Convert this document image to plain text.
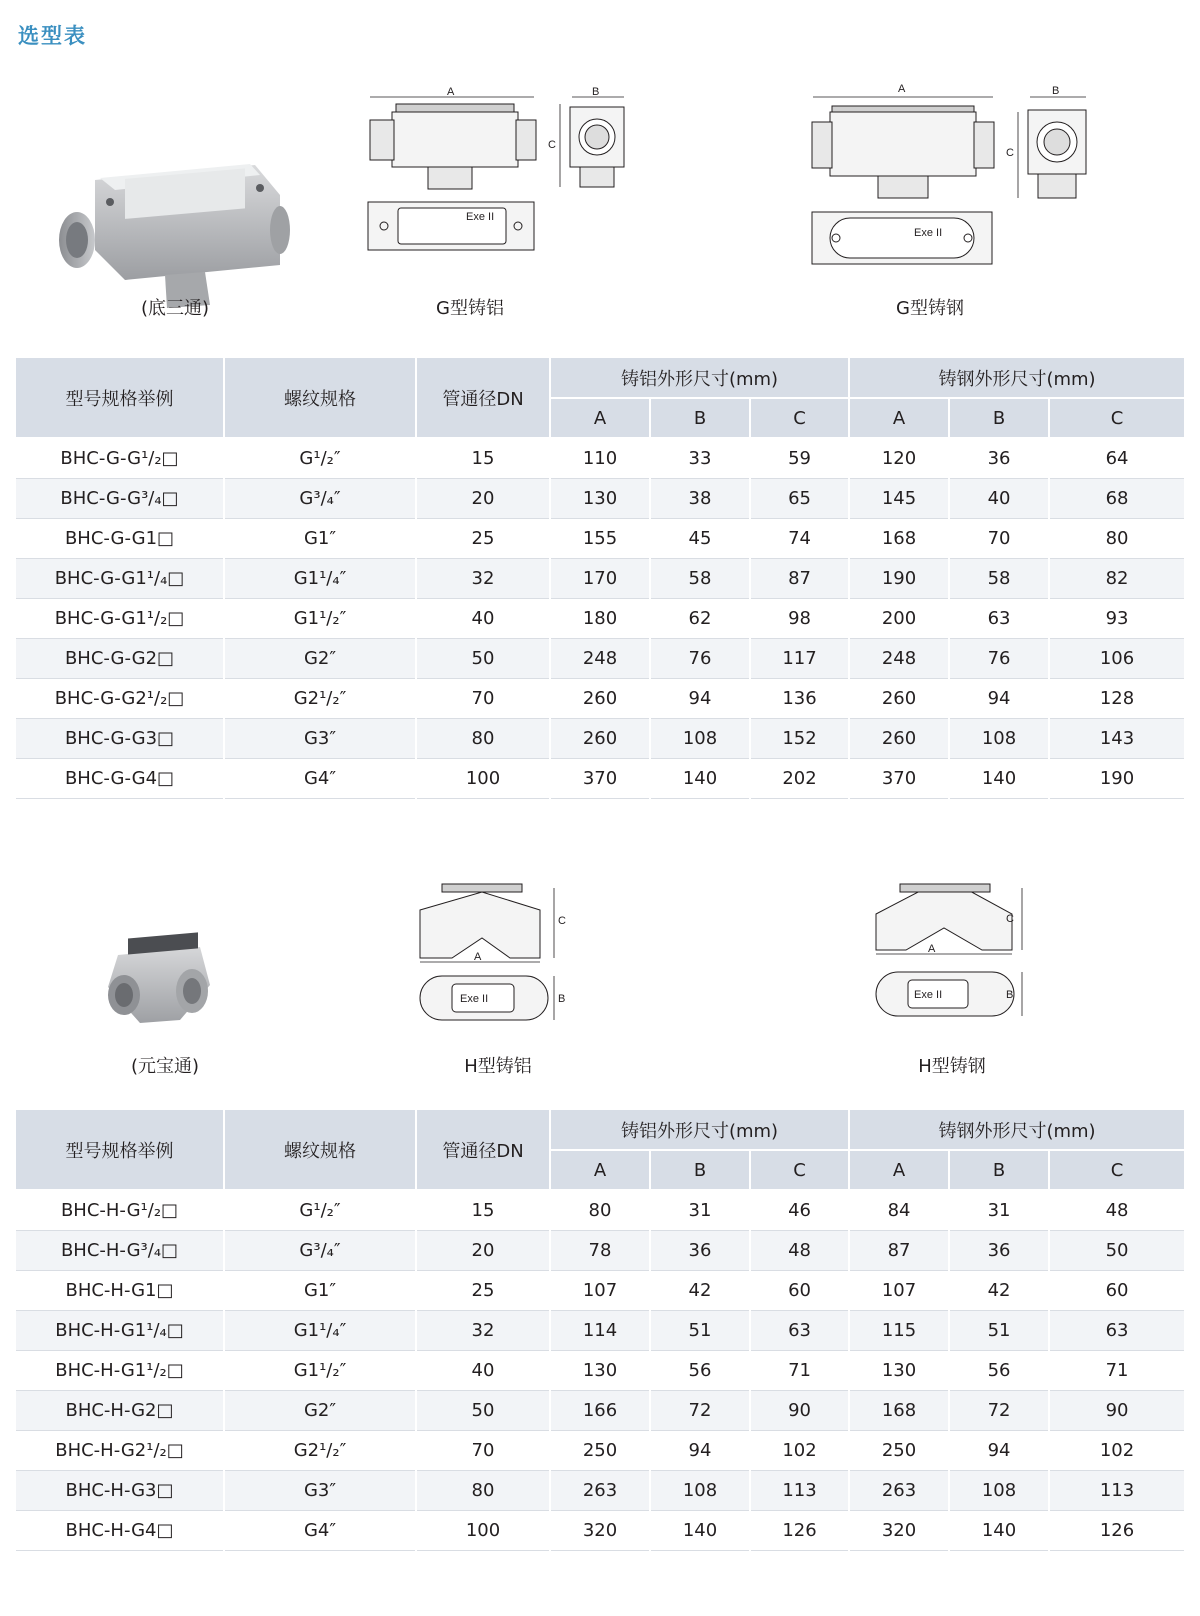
选型表
(底三通)
A	B
C
Exe II
G型铸铝
A	B
C
Exe II
G型铸钢
型号规格举例	螺纹规格	管通径DN	铸铝外形尺寸(mm)			铸钢外形尺寸(mm)		
			A	B	C	A	B	C
BHC-G-G¹/₂□	G¹/₂″	15	110	33	59	120	36	64
BHC-G-G³/₄□	G³/₄″	20	130	38	65	145	40	68
BHC-G-G1□	G1″	25	155	45	74	168	70	80
BHC-G-G1¹/₄□	G1¹/₄″	32	170	58	87	190	58	82
BHC-G-G1¹/₂□	G1¹/₂″	40	180	62	98	200	63	93
BHC-G-G2□	G2″	50	248	76	117	248	76	106
BHC-G-G2¹/₂□	G2¹/₂″	70	260	94	136	260	94	128
BHC-G-G3□	G3″	80	260	108	152	260	108	143
BHC-G-G4□	G4″	100	370	140	202	370	140	190
(元宝通)
A
C
Exe II	B
H型铸铝
A
C
Exe II	B
H型铸钢
型号规格举例	螺纹规格	管通径DN	铸铝外形尺寸(mm)			铸钢外形尺寸(mm)		
			A	B	C	A	B	C
BHC-H-G¹/₂□	G¹/₂″	15	80	31	46	84	31	48
BHC-H-G³/₄□	G³/₄″	20	78	36	48	87	36	50
BHC-H-G1□	G1″	25	107	42	60	107	42	60
BHC-H-G1¹/₄□	G1¹/₄″	32	114	51	63	115	51	63
BHC-H-G1¹/₂□	G1¹/₂″	40	130	56	71	130	56	71
BHC-H-G2□	G2″	50	166	72	90	168	72	90
BHC-H-G2¹/₂□	G2¹/₂″	70	250	94	102	250	94	102
BHC-H-G3□	G3″	80	263	108	113	263	108	113
BHC-H-G4□	G4″	100	320	140	126	320	140	126
